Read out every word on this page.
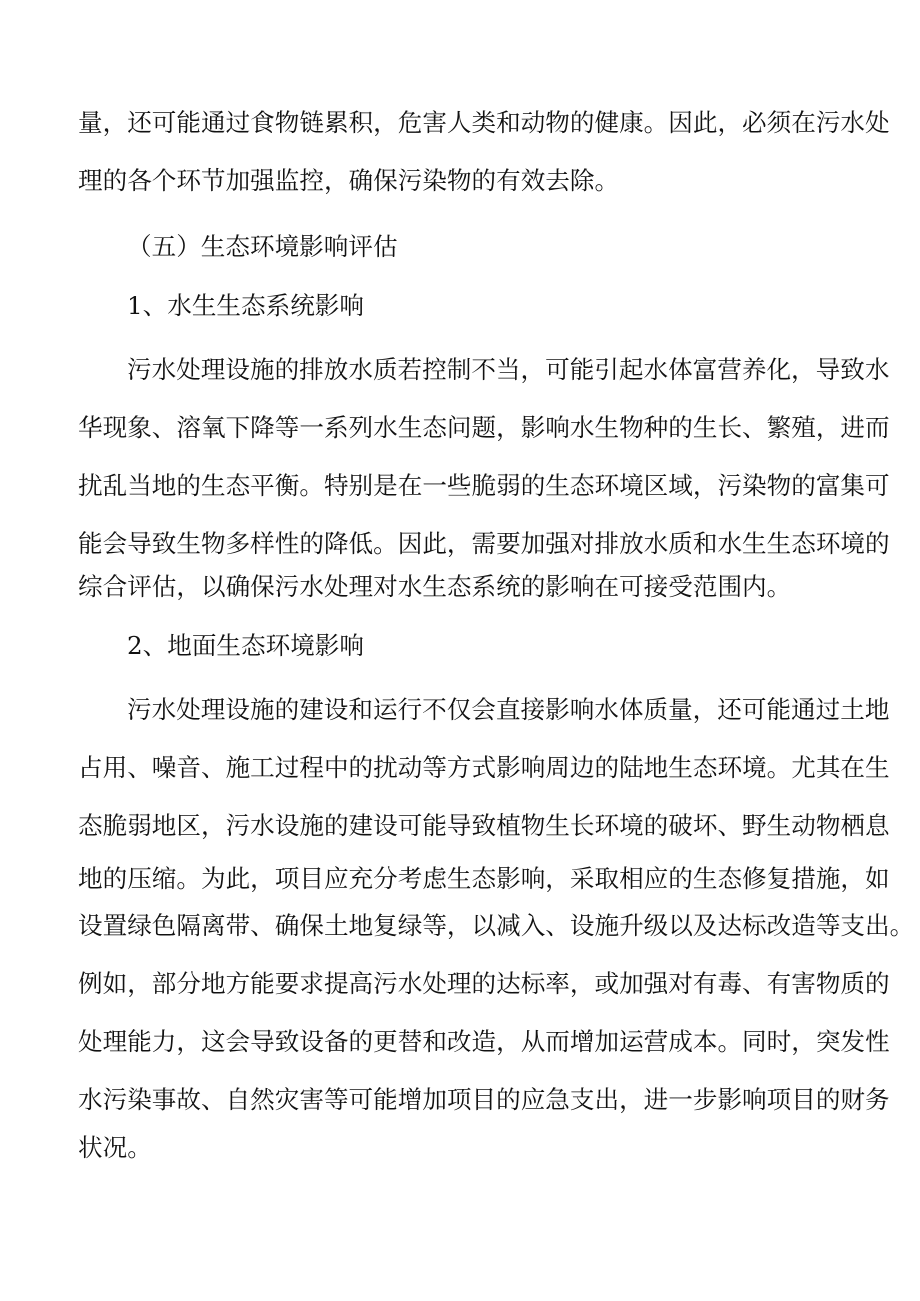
量，还可能通过食物链累积，危害人类和动物的健康。因此，必须在污水处
理的各个环节加强监控，确保污染物的有效去除。
（五）生态环境影响评估
1、水生生态系统影响
污水处理设施的排放水质若控制不当，可能引起水体富营养化，导致水
华现象、溶氧下降等一系列水生态问题，影响水生物种的生长、繁殖，进而
扰乱当地的生态平衡。特别是在一些脆弱的生态环境区域，污染物的富集可
能会导致生物多样性的降低。因此，需要加强对排放水质和水生生态环境的
综合评估，以确保污水处理对水生态系统的影响在可接受范围内。
2、地面生态环境影响
污水处理设施的建设和运行不仅会直接影响水体质量，还可能通过土地
占用、噪音、施工过程中的扰动等方式影响周边的陆地生态环境。尤其在生
态脆弱地区，污水设施的建设可能导致植物生长环境的破坏、野生动物栖息
地的压缩。为此，项目应充分考虑生态影响，采取相应的生态修复措施，如
设置绿色隔离带、确保土地复绿等，以减入、设施升级以及达标改造等支出。
例如，部分地方能要求提高污水处理的达标率，或加强对有毒、有害物质的
处理能力，这会导致设备的更替和改造，从而增加运营成本。同时，突发性
水污染事故、自然灾害等可能增加项目的应急支出，进一步影响项目的财务
状况。
